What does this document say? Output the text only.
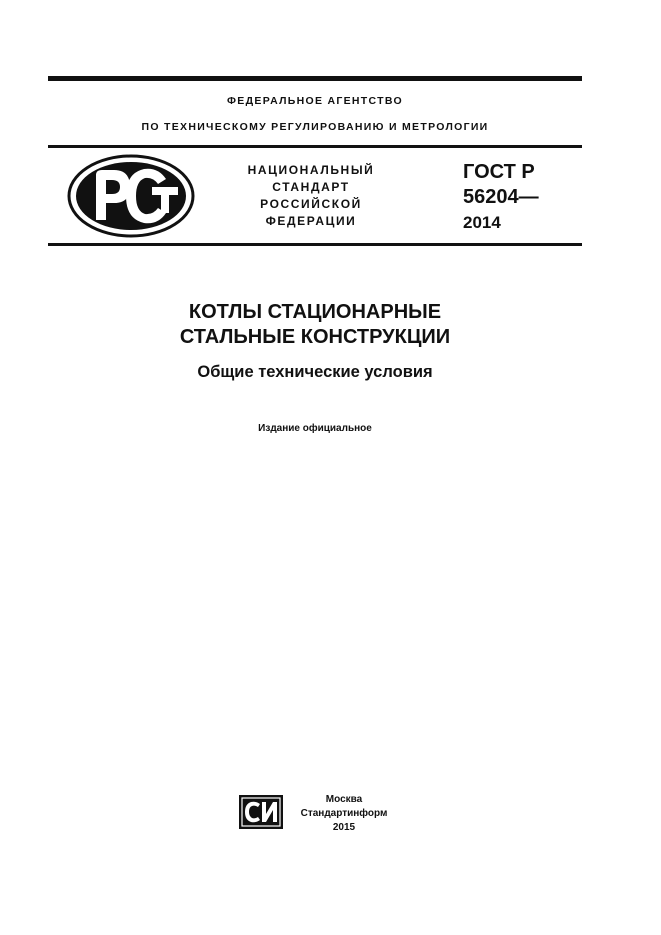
ФЕДЕРАЛЬНОЕ АГЕНТСТВО
ПО ТЕХНИЧЕСКОМУ РЕГУЛИРОВАНИЮ И МЕТРОЛОГИИ
НАЦИОНАЛЬНЫЙ
СТАНДАРТ
РОССИЙСКОЙ
ФЕДЕРАЦИИ
ГОСТ Р
56204—
2014
КОТЛЫ СТАЦИОНАРНЫЕ
СТАЛЬНЫЕ КОНСТРУКЦИИ
Общие технические условия
Издание официальное
Москва
Стандартинформ
2015
